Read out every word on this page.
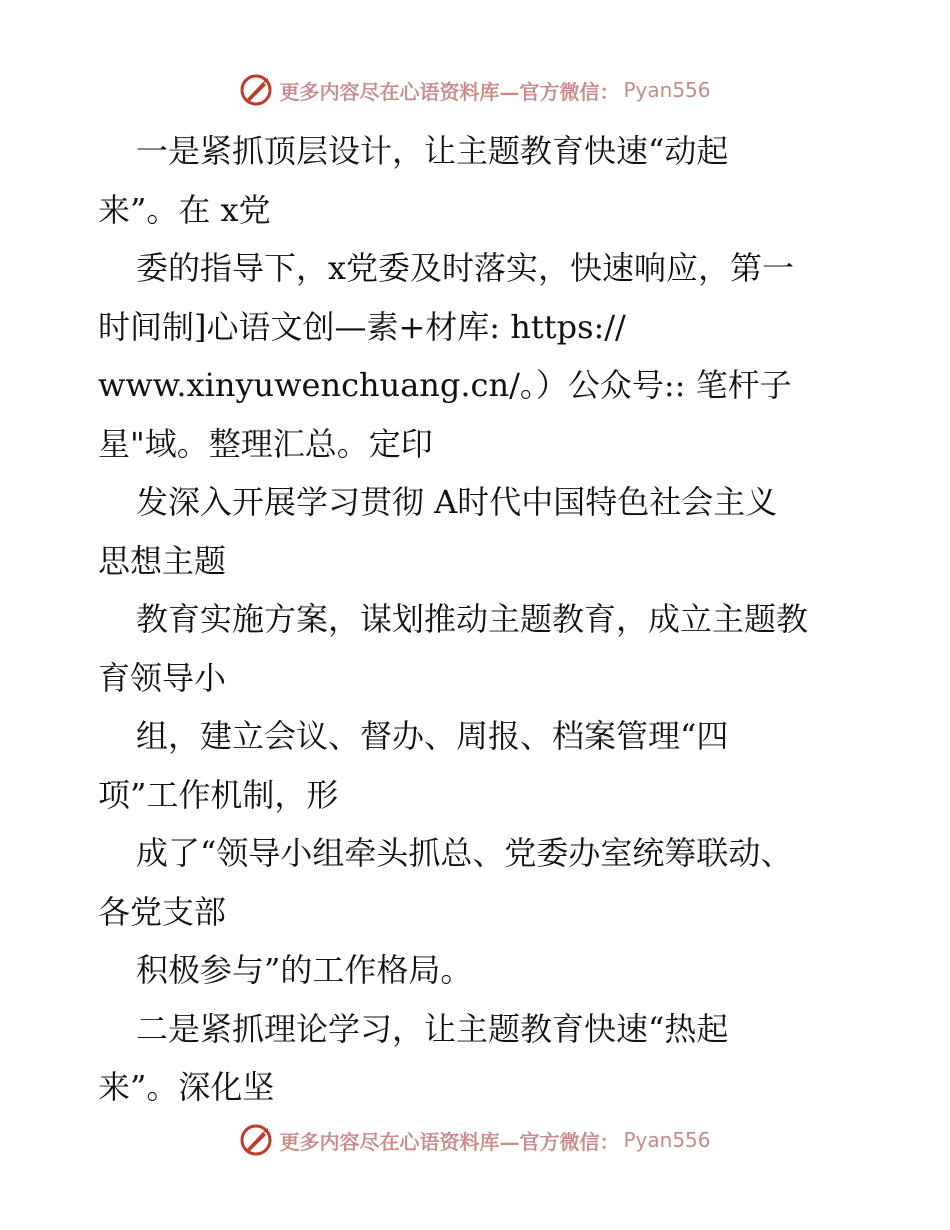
更多内容尽在心语资料库—官方微信： Pyan556
一是紧抓顶层设计，让主题教育快速“动起
来”。在 x党
委的指导下，x党委及时落实，快速响应，第一
时间制]心语文创—素+材库: https://
www.xinyuwenchuang.cn/。）公众号:: 笔杆子
星"域。整理汇总。定印
发深入开展学习贯彻 A时代中国特色社会主义
思想主题
教育实施方案，谋划推动主题教育，成立主题教
育领导小
组，建立会议、督办、周报、档案管理“四
项”工作机制，形
成了“领导小组牵头抓总、党委办室统筹联动、
各党支部
积极参与”的工作格局。
二是紧抓理论学习，让主题教育快速“热起
来”。深化坚
更多内容尽在心语资料库—官方微信： Pyan556
